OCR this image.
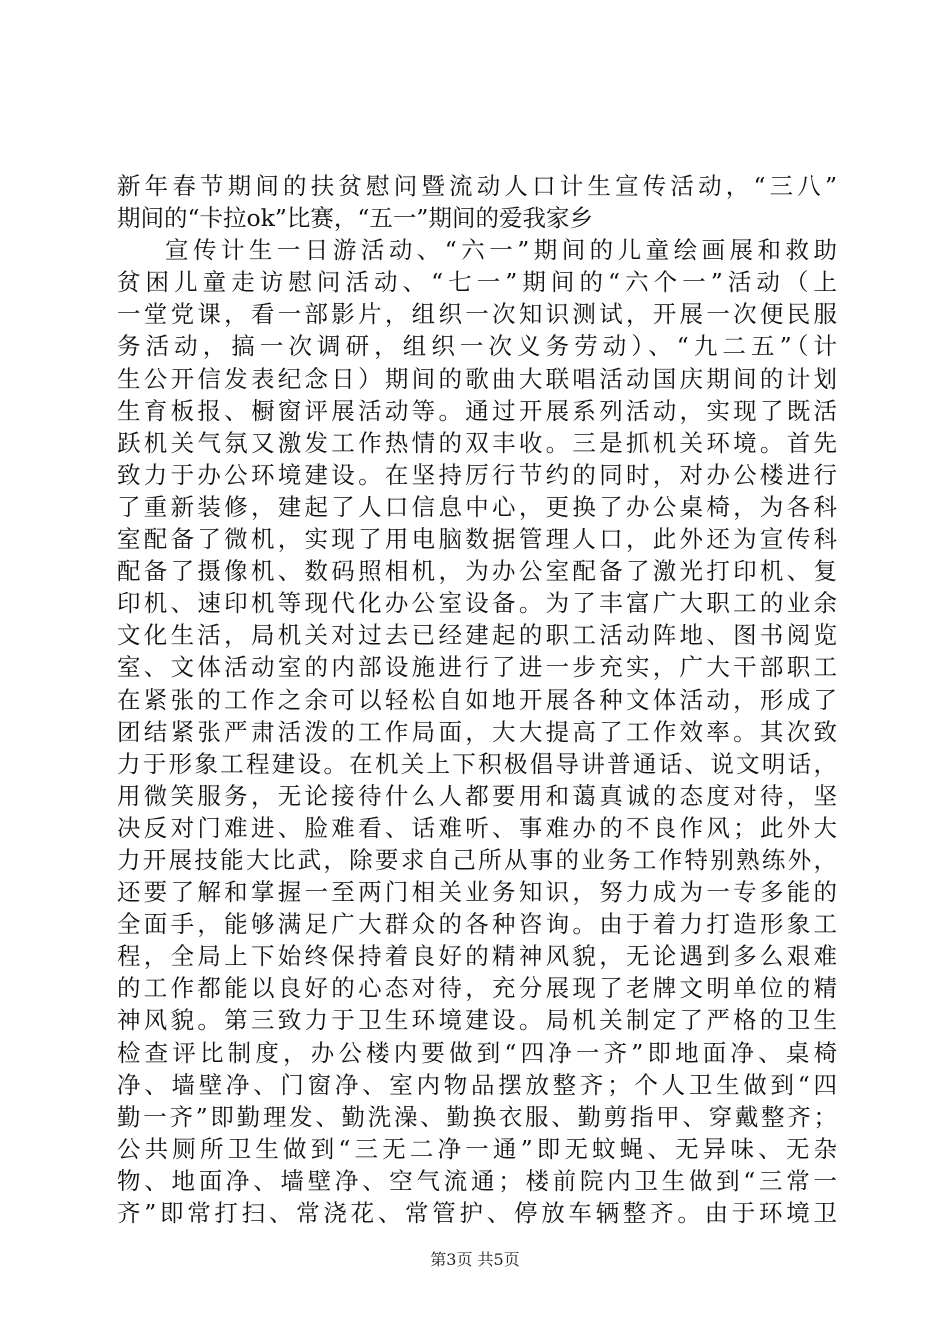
新年春节期间的扶贫慰问暨流动人口计生宣传活动，“三八”
期间的“卡拉ok”比赛，“五一”期间的爱我家乡
宣传计生一日游活动、“六一”期间的儿童绘画展和救助
贫困儿童走访慰问活动、“七一”期间的“六个一”活动（上
一堂党课，看一部影片，组织一次知识测试，开展一次便民服
务活动，搞一次调研，组织一次义务劳动）、“九二五”（计
生公开信发表纪念日）期间的歌曲大联唱活动国庆期间的计划
生育板报、橱窗评展活动等。通过开展系列活动，实现了既活
跃机关气氛又激发工作热情的双丰收。三是抓机关环境。首先
致力于办公环境建设。在坚持厉行节约的同时，对办公楼进行
了重新装修，建起了人口信息中心，更换了办公桌椅，为各科
室配备了微机，实现了用电脑数据管理人口，此外还为宣传科
配备了摄像机、数码照相机，为办公室配备了激光打印机、复
印机、速印机等现代化办公室设备。为了丰富广大职工的业余
文化生活，局机关对过去已经建起的职工活动阵地、图书阅览
室、文体活动室的内部设施进行了进一步充实，广大干部职工
在紧张的工作之余可以轻松自如地开展各种文体活动，形成了
团结紧张严肃活泼的工作局面，大大提高了工作效率。其次致
力于形象工程建设。在机关上下积极倡导讲普通话、说文明话，
用微笑服务，无论接待什么人都要用和蔼真诚的态度对待，坚
决反对门难进、脸难看、话难听、事难办的不良作风；此外大
力开展技能大比武，除要求自己所从事的业务工作特别熟练外，
还要了解和掌握一至两门相关业务知识，努力成为一专多能的
全面手，能够满足广大群众的各种咨询。由于着力打造形象工
程，全局上下始终保持着良好的精神风貌，无论遇到多么艰难
的工作都能以良好的心态对待，充分展现了老牌文明单位的精
神风貌。第三致力于卫生环境建设。局机关制定了严格的卫生
检查评比制度，办公楼内要做到“四净一齐”即地面净、桌椅
净、墙壁净、门窗净、室内物品摆放整齐；个人卫生做到“四
勤一齐”即勤理发、勤洗澡、勤换衣服、勤剪指甲、穿戴整齐；
公共厕所卫生做到“三无二净一通”即无蚊蝇、无异味、无杂
物、地面净、墙壁净、空气流通；楼前院内卫生做到“三常一
齐”即常打扫、常浇花、常管护、停放车辆整齐。由于环境卫
第3页 共5页
